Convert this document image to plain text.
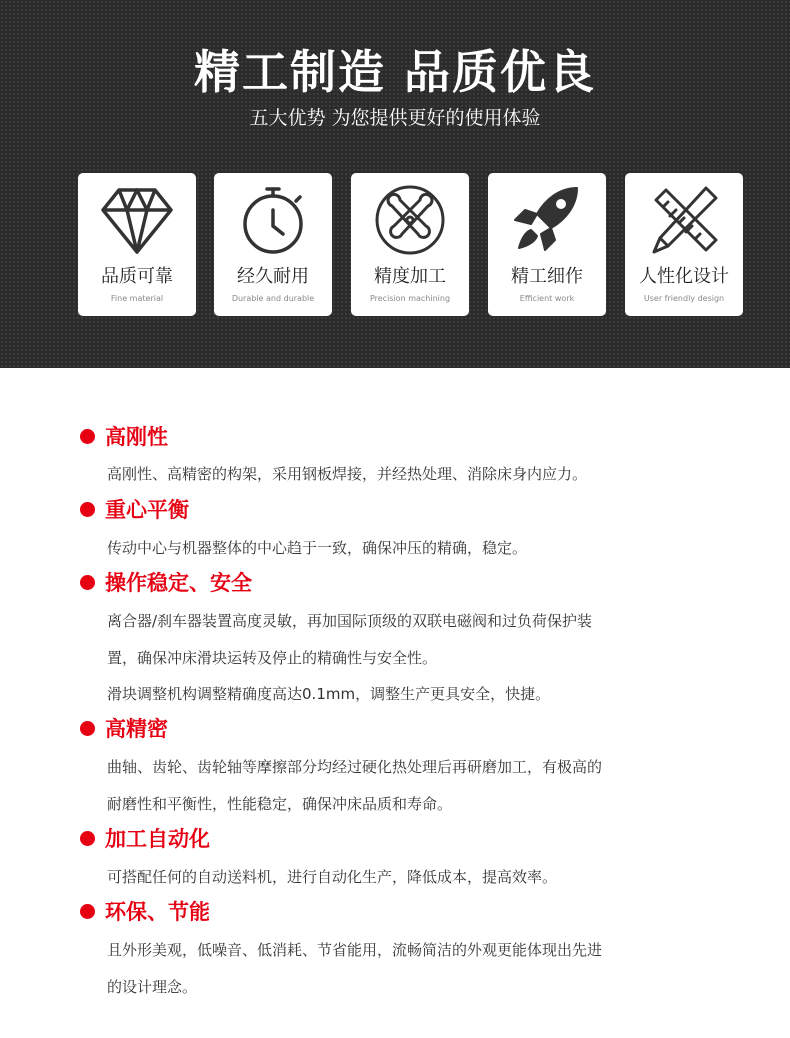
精工制造 品质优良
五大优势 为您提供更好的使用体验
品质可靠
Fine material
经久耐用
Durable and durable
精度加工
Precision machining
精工细作
Efficient work
人性化设计
User friendly design
高刚性
高刚性、高精密的构架，采用钢板焊接，并经热处理、消除床身内应力。
重心平衡
传动中心与机器整体的中心趋于一致，确保冲压的精确，稳定。
操作稳定、安全
离合器/刹车器装置高度灵敏，再加国际顶级的双联电磁阀和过负荷保护装
置，确保冲床滑块运转及停止的精确性与安全性。
滑块调整机构调整精确度高达0.1mm，调整生产更具安全，快捷。
高精密
曲轴、齿轮、齿轮轴等摩擦部分均经过硬化热处理后再研磨加工，有极高的
耐磨性和平衡性，性能稳定，确保冲床品质和寿命。
加工自动化
可搭配任何的自动送料机，进行自动化生产，降低成本，提高效率。
环保、节能
且外形美观，低噪音、低消耗、节省能用，流畅简洁的外观更能体现出先进
的设计理念。
